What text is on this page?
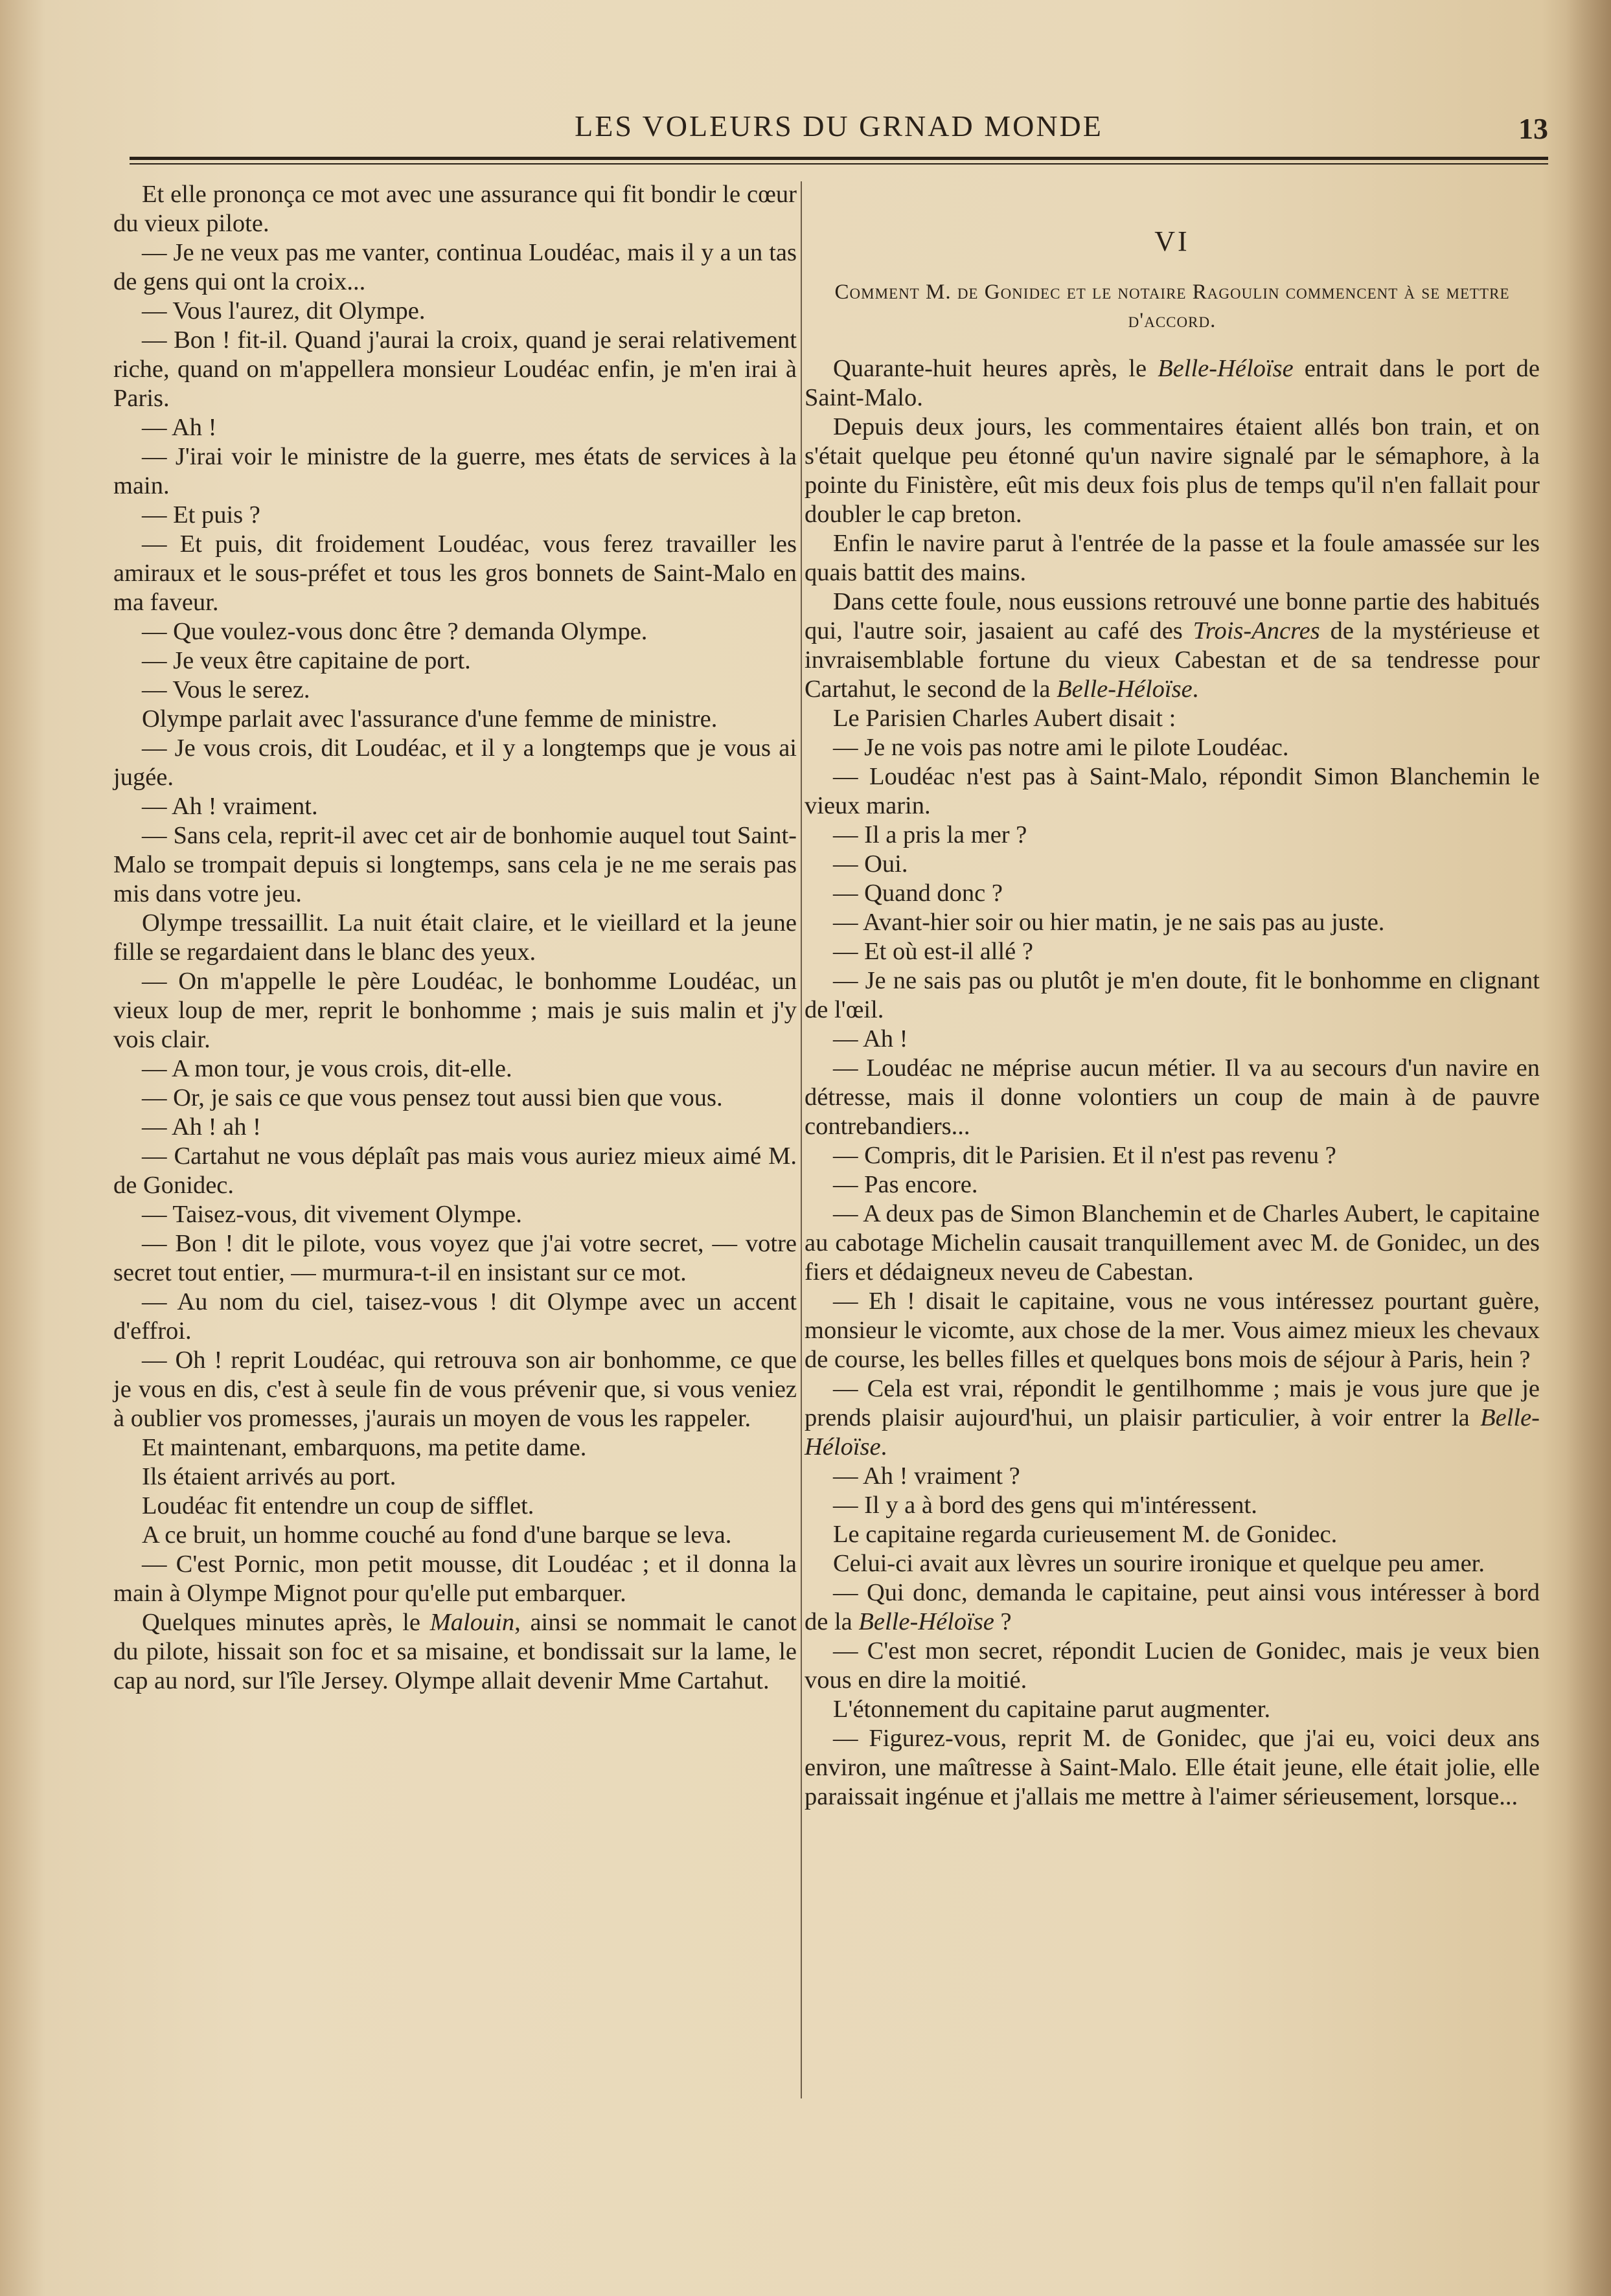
LES VOLEURS DU GRNAD MONDE	13

Et elle prononça ce mot avec une assurance qui fit bondir le cœur du vieux pilote.

— Je ne veux pas me vanter, continua Loudéac, mais il y a un tas de gens qui ont la croix...

— Vous l'aurez, dit Olympe.

— Bon ! fit-il. Quand j'aurai la croix, quand je serai relativement riche, quand on m'appellera monsieur Loudéac enfin, je m'en irai à Paris.

— Ah !

— J'irai voir le ministre de la guerre, mes états de services à la main.

— Et puis ?

— Et puis, dit froidement Loudéac, vous ferez travailler les amiraux et le sous-préfet et tous les gros bonnets de Saint-Malo en ma faveur.

— Que voulez-vous donc être ? demanda Olympe.

— Je veux être capitaine de port.

— Vous le serez.

Olympe parlait avec l'assurance d'une femme de ministre.

— Je vous crois, dit Loudéac, et il y a longtemps que je vous ai jugée.

— Ah ! vraiment.

— Sans cela, reprit-il avec cet air de bonhomie auquel tout Saint-Malo se trompait depuis si longtemps, sans cela je ne me serais pas mis dans votre jeu.

Olympe tressaillit. La nuit était claire, et le vieillard et la jeune fille se regardaient dans le blanc des yeux.

— On m'appelle le père Loudéac, le bonhomme Loudéac, un vieux loup de mer, reprit le bonhomme ; mais je suis malin et j'y vois clair.

— A mon tour, je vous crois, dit-elle.

— Or, je sais ce que vous pensez tout aussi bien que vous.

— Ah ! ah !

— Cartahut ne vous déplaît pas mais vous auriez mieux aimé M. de Gonidec.

— Taisez-vous, dit vivement Olympe.

— Bon ! dit le pilote, vous voyez que j'ai votre secret, — votre secret tout entier, — murmura-t-il en insistant sur ce mot.

— Au nom du ciel, taisez-vous ! dit Olympe avec un accent d'effroi.

— Oh ! reprit Loudéac, qui retrouva son air bonhomme, ce que je vous en dis, c'est à seule fin de vous prévenir que, si vous veniez à oublier vos promesses, j'aurais un moyen de vous les rappeler.

Et maintenant, embarquons, ma petite dame.

Ils étaient arrivés au port.

Loudéac fit entendre un coup de sifflet.

A ce bruit, un homme couché au fond d'une barque se leva.

— C'est Pornic, mon petit mousse, dit Loudéac ; et il donna la main à Olympe Mignot pour qu'elle put embarquer.

Quelques minutes après, le Malouin, ainsi se nommait le canot du pilote, hissait son foc et sa misaine, et bondissait sur la lame, le cap au nord, sur l'île Jersey. Olympe allait devenir Mme Cartahut.

VI

Comment M. de Gonidec et le notaire Ragoulin commencent à se mettre d'accord.

Quarante-huit heures après, le Belle-Héloïse entrait dans le port de Saint-Malo.

Depuis deux jours, les commentaires étaient allés bon train, et on s'était quelque peu étonné qu'un navire signalé par le sémaphore, à la pointe du Finistère, eût mis deux fois plus de temps qu'il n'en fallait pour doubler le cap breton.

Enfin le navire parut à l'entrée de la passe et la foule amassée sur les quais battit des mains.

Dans cette foule, nous eussions retrouvé une bonne partie des habitués qui, l'autre soir, jasaient au café des Trois-Ancres de la mystérieuse et invraisemblable fortune du vieux Cabestan et de sa tendresse pour Cartahut, le second de la Belle-Héloïse.

Le Parisien Charles Aubert disait :

— Je ne vois pas notre ami le pilote Loudéac.

— Loudéac n'est pas à Saint-Malo, répondit Simon Blanchemin le vieux marin.

— Il a pris la mer ?

— Oui.

— Quand donc ?

— Avant-hier soir ou hier matin, je ne sais pas au juste.

— Et où est-il allé ?

— Je ne sais pas ou plutôt je m'en doute, fit le bonhomme en clignant de l'œil.

— Ah !

— Loudéac ne méprise aucun métier. Il va au secours d'un navire en détresse, mais il donne volontiers un coup de main à de pauvre contrebandiers...

— Compris, dit le Parisien. Et il n'est pas revenu ?

— Pas encore.

— A deux pas de Simon Blanchemin et de Charles Aubert, le capitaine au cabotage Michelin causait tranquillement avec M. de Gonidec, un des fiers et dédaigneux neveu de Cabestan.

— Eh ! disait le capitaine, vous ne vous intéressez pourtant guère, monsieur le vicomte, aux chose de la mer. Vous aimez mieux les chevaux de course, les belles filles et quelques bons mois de séjour à Paris, hein ?

— Cela est vrai, répondit le gentilhomme ; mais je vous jure que je prends plaisir aujourd'hui, un plaisir particulier, à voir entrer la Belle-Héloïse.

— Ah ! vraiment ?

— Il y a à bord des gens qui m'intéressent.

Le capitaine regarda curieusement M. de Gonidec.

Celui-ci avait aux lèvres un sourire ironique et quelque peu amer.

— Qui donc, demanda le capitaine, peut ainsi vous intéresser à bord de la Belle-Héloïse ?

— C'est mon secret, répondit Lucien de Gonidec, mais je veux bien vous en dire la moitié.

L'étonnement du capitaine parut augmenter.

— Figurez-vous, reprit M. de Gonidec, que j'ai eu, voici deux ans environ, une maîtresse à Saint-Malo. Elle était jeune, elle était jolie, elle paraissait ingénue et j'allais me mettre à l'aimer sérieusement, lorsque...
